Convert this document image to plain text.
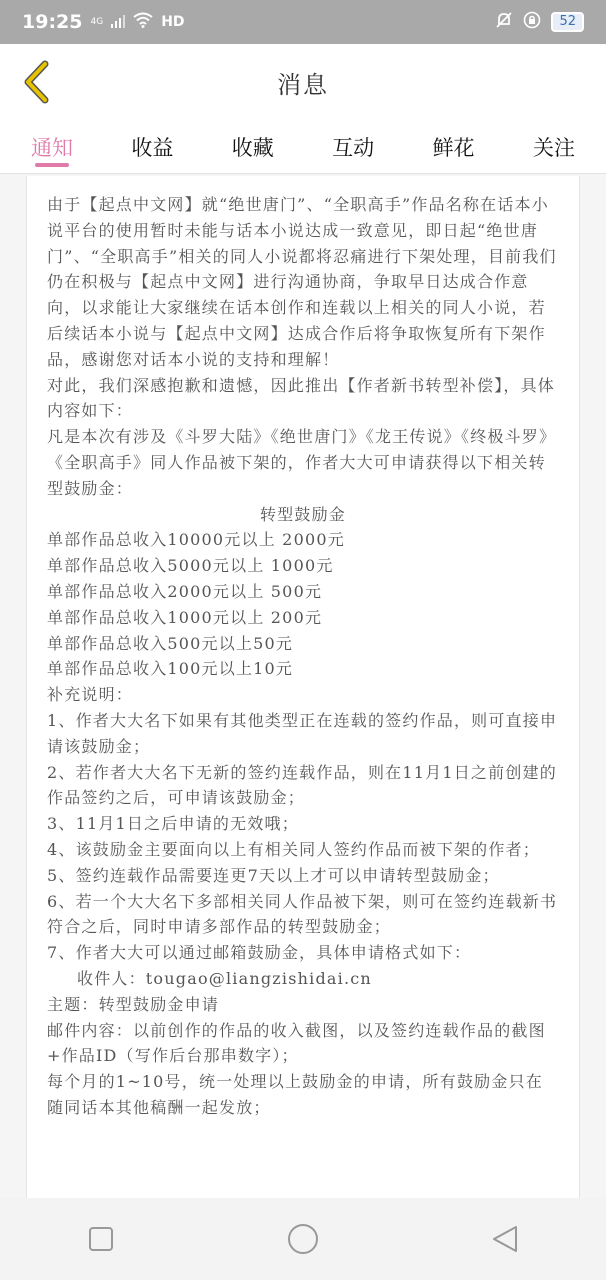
19:25 4G	HD	52
消息
通知	收益	收藏	互动	鲜花	关注

由于【起点中文网】就“绝世唐门”、“全职高手”作品名称在话本小说平台的使用暂时未能与话本小说达成一致意见，即日起“绝世唐门”、“全职高手”相关的同人小说都将忍痛进行下架处理，目前我们仍在积极与【起点中文网】进行沟通协商，争取早日达成合作意向，以求能让大家继续在话本创作和连载以上相关的同人小说，若后续话本小说与【起点中文网】达成合作后将争取恢复所有下架作品，感谢您对话本小说的支持和理解！

对此，我们深感抱歉和遗憾，因此推出【作者新书转型补偿】，具体内容如下：

凡是本次有涉及《斗罗大陆》《绝世唐门》《龙王传说》《终极斗罗》《全职高手》同人作品被下架的，作者大大可申请获得以下相关转型鼓励金：

转型鼓励金

单部作品总收入10000元以上 2000元

单部作品总收入5000元以上 1000元

单部作品总收入2000元以上 500元

单部作品总收入1000元以上 200元

单部作品总收入500元以上50元

单部作品总收入100元以上10元

补充说明：

1、作者大大名下如果有其他类型正在连载的签约作品，则可直接申请该鼓励金；

2、若作者大大名下无新的签约连载作品，则在11月1日之前创建的作品签约之后，可申请该鼓励金；

3、11月1日之后申请的无效哦；

4、该鼓励金主要面向以上有相关同人签约作品而被下架的作者；

5、签约连载作品需要连更7天以上才可以申请转型鼓励金；

6、若一个大大名下多部相关同人作品被下架，则可在签约连载新书符合之后，同时申请多部作品的转型鼓励金；

7、作者大大可以通过邮箱鼓励金，具体申请格式如下：

收件人：tougao@liangzishidai.cn

主题：转型鼓励金申请

邮件内容：以前创作的作品的收入截图，以及签约连载作品的截图+作品ID（写作后台那串数字）；

每个月的1~10号，统一处理以上鼓励金的申请，所有鼓励金只在随同话本其他稿酬一起发放；
